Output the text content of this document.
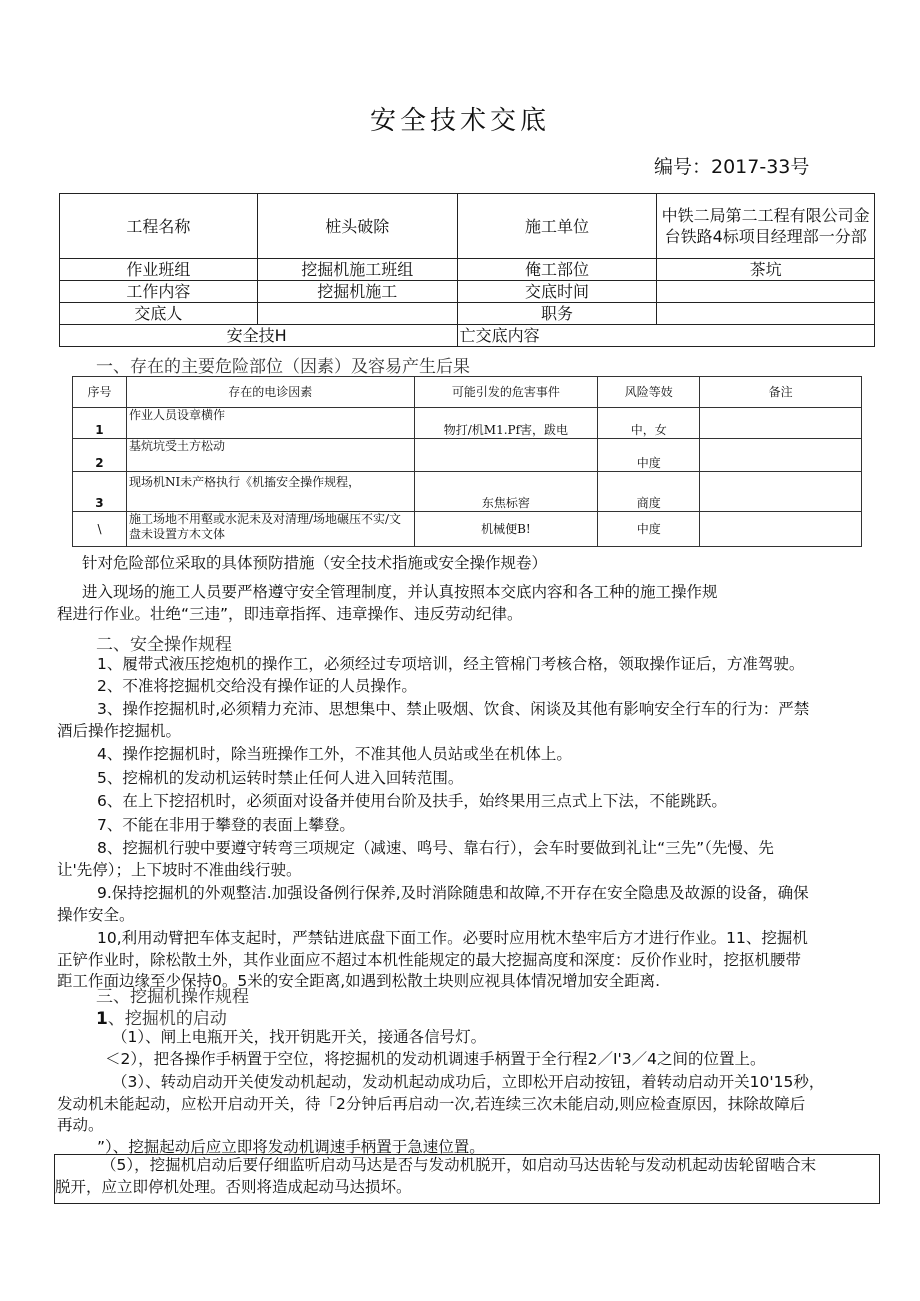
安全技术交底
编号：2017-33号
工程名称	桩头破除	施工单位	中铁二局第二工程有限公司金台铁路4标项目经理部一分部
作业班组	挖掘机施工班组	俺工部位	茶坑
工作内容	挖掘机施工	交底时间	
交底人		职务	
安全技H		亡交底内容	
一、存在的主要危险部位（因素）及容易产生后果
序号	存在的电诊因素	可能引发的危害事件	风险等妓	备注
1	作业人员设章横作	物打/机M1.Pf害，跋电	中，女	
2	基炕坑受土方松动		中度	
3	现场机NI未产格执行《机搐安全操作规程，	东焦标窖	商度	
\	施工场地不用壑或水泥未及对清理/场地碾压不实/文盘未设置方木文体	机械便B!	中度	
针对危险部位采取的具体预防措施（安全技术指施或安全操作规卷）

进入现场的施工人员要严格遵守安全管理制度，并认真按照本交底内容和各工种的施工操作规

程进行作业。壮绝“三违”，即违章指挥、违章操作、违反劳动纪律。

二、安全操作规程

1、履带式液压挖炮机的操作工，必须经过专项培训，经主管棉门考核合格，领取操作证后，方准驾驶。

2、不准将挖掘机交给没有操作证的人员操作。

3、操作挖掘机时,必须精力充沛、思想集中、禁止吸烟、饮食、闲谈及其他有影响安全行车的行为：严禁

酒后操作挖掘机。

4、操作挖掘机时，除当班操作工外，不准其他人员站或坐在机体上。

5、挖棉机的发动机运转时禁止任何人进入回转范围。

6、在上下挖招机时，必须面对设备并使用台阶及扶手，始终果用三点式上下法，不能跳跃。

7、不能在非用于攀登的表面上攀登。

8、挖掘机行驶中要遵守转弯三项规定（减速、鸣号、靠右行），会车时要做到礼让“三先”（先慢、先

让'先停）；上下坡时不准曲线行驶。

9.保持挖掘机的外观整洁.加强设备例行保养,及时消除随患和故障,不开存在安全隐患及故源的设备，确保

操作安全。

10,利用动臂把车体支起时，严禁钻进底盘下面工作。必要时应用枕木垫牢后方才进行作业。11、挖掘机

正铲作业时，除松散土外，其作业面应不超过本机性能规定的最大挖掘高度和深度：反价作业时，挖抠机腰带

距工作面边缘至少保持0。5米的安全距离,如遇到松散土块则应视具体情况增加安全距离.

三、挖掘机操作规程
1、挖掘机的启动

（1）、闸上电瓶开关，找开钥匙开关，接通各信号灯。

＜2），把各操作手柄置于空位，将挖掘机的发动机调速手柄置于全行程2／I'3／4之间的位置上。

（3）、转动启动开关使发动机起动，发动机起动成功后，立即松开启动按钮，着转动启动开关10'15秒，

发动机未能起动，应松开启动开关，待「2分钟后再启动一次,若连续三次未能启动,则应检查原因，抹除故障后

再动。

”）、挖掘起动后应立即将发动机调速手柄置于急速位置。

（5），挖掘机启动后要仔细监听启动马达是否与发动机脱开，如启动马达齿轮与发动机起动齿轮留啮合末

脱开，应立即停机处理。否则将造成起动马达损坏。
